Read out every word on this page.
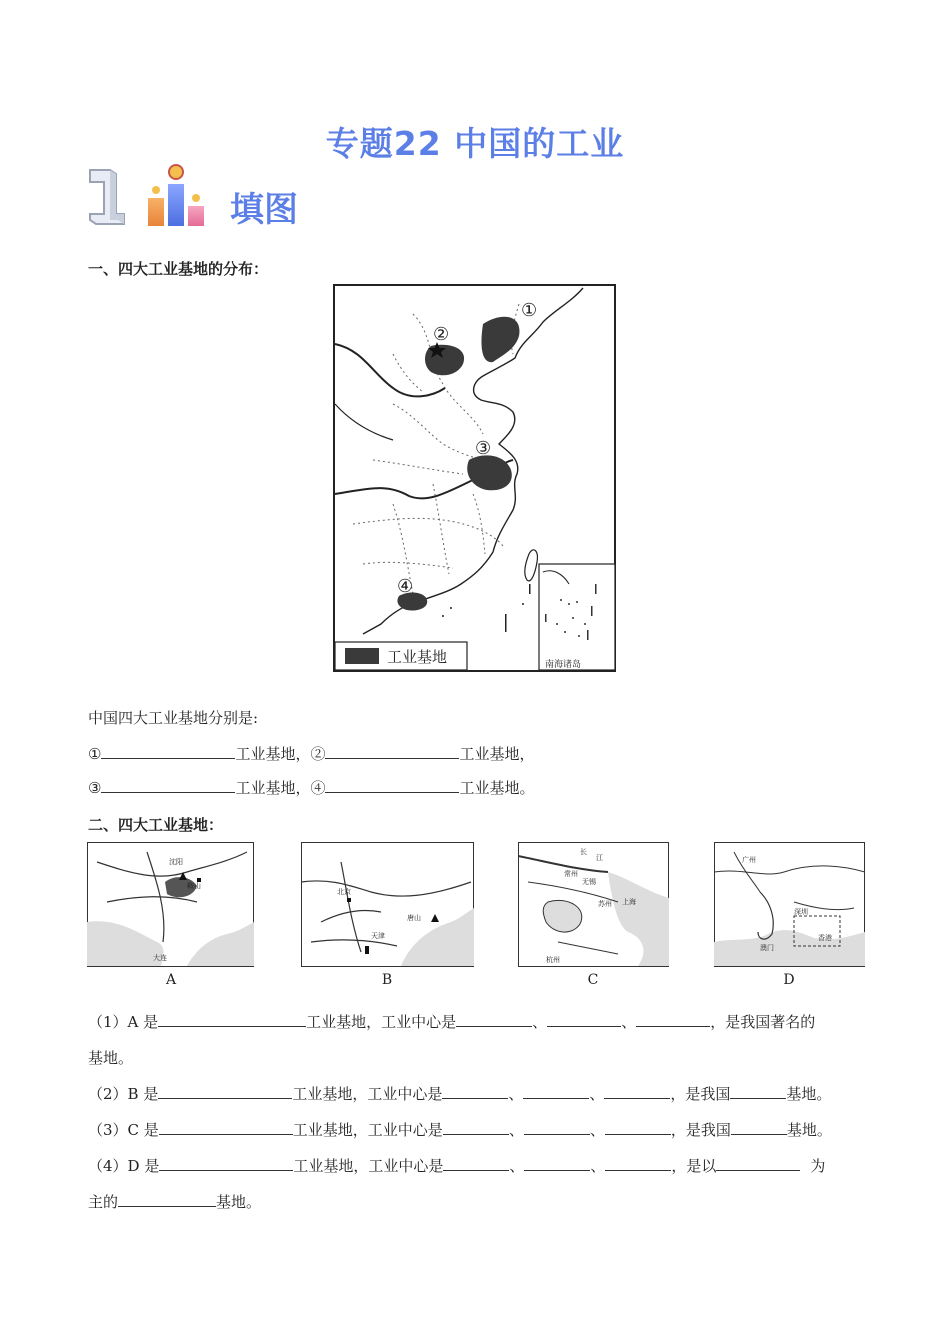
专题22 中国的工业
填图
一、四大工业基地的分布：
①
②
③
④
南海诸岛
工业基地
中国四大工业基地分别是:
①	工业基地，②	工业基地，
③	工业基地，④	工业基地。
二、四大工业基地：
沈阳
鞍山
大连
A
北京
唐山
天津
B
长
江
常州
无锡
苏州 上海
杭州
C
广州
深圳
香港
澳门
D
（1）A 是	工业基地，工业中心是	、	、	，是我国著名的
基地。
（2）B 是	工业基地，工业中心是	、	、	，是我国	基地。
（3）C 是	工业基地，工业中心是	、	、	，是我国	基地。
（4）D 是	工业基地，工业中心是	、	、	，是以	为
主的	基地。
